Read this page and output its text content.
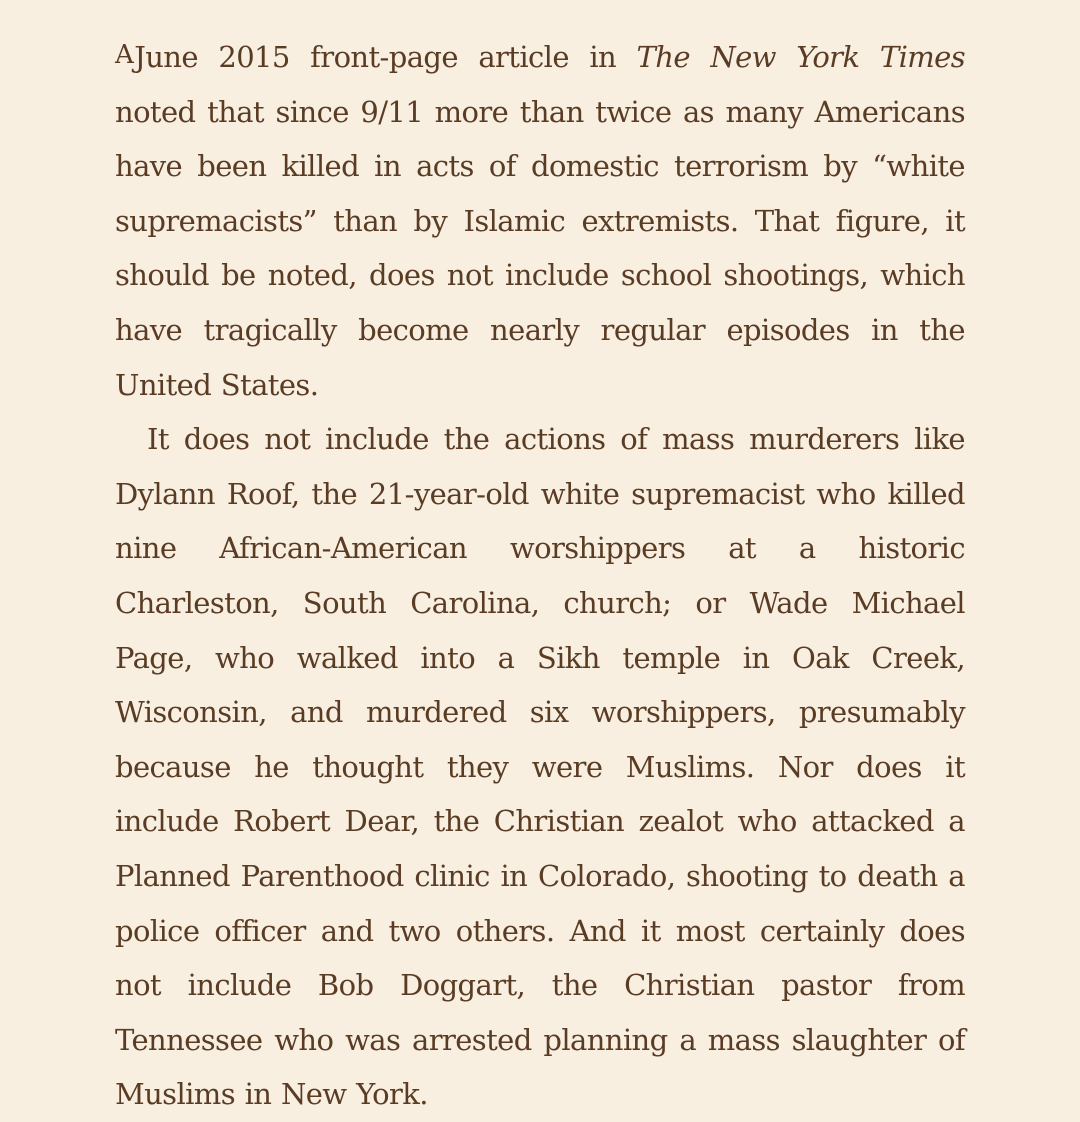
AJune 2015 front-page article in The New York Times noted that since 9/11 more than twice as many Americans have been killed in acts of domestic terrorism by “white supremacists” than by Islamic extremists. That figure, it should be noted, does not include school shootings, which have tragically become nearly regular episodes in the United States.

It does not include the actions of mass murderers like Dylann Roof, the 21-year-old white supremacist who killed nine African-American worshippers at a historic Charleston, South Carolina, church; or Wade Michael Page, who walked into a Sikh temple in Oak Creek, Wisconsin, and murdered six worshippers, presumably because he thought they were Muslims. Nor does it include Robert Dear, the Christian zealot who attacked a Planned Parenthood clinic in Colorado, shooting to death a police officer and two others. And it most certainly does not include Bob Doggart, the Christian pastor from Tennessee who was arrested planning a mass slaughter of Muslims in New York.
